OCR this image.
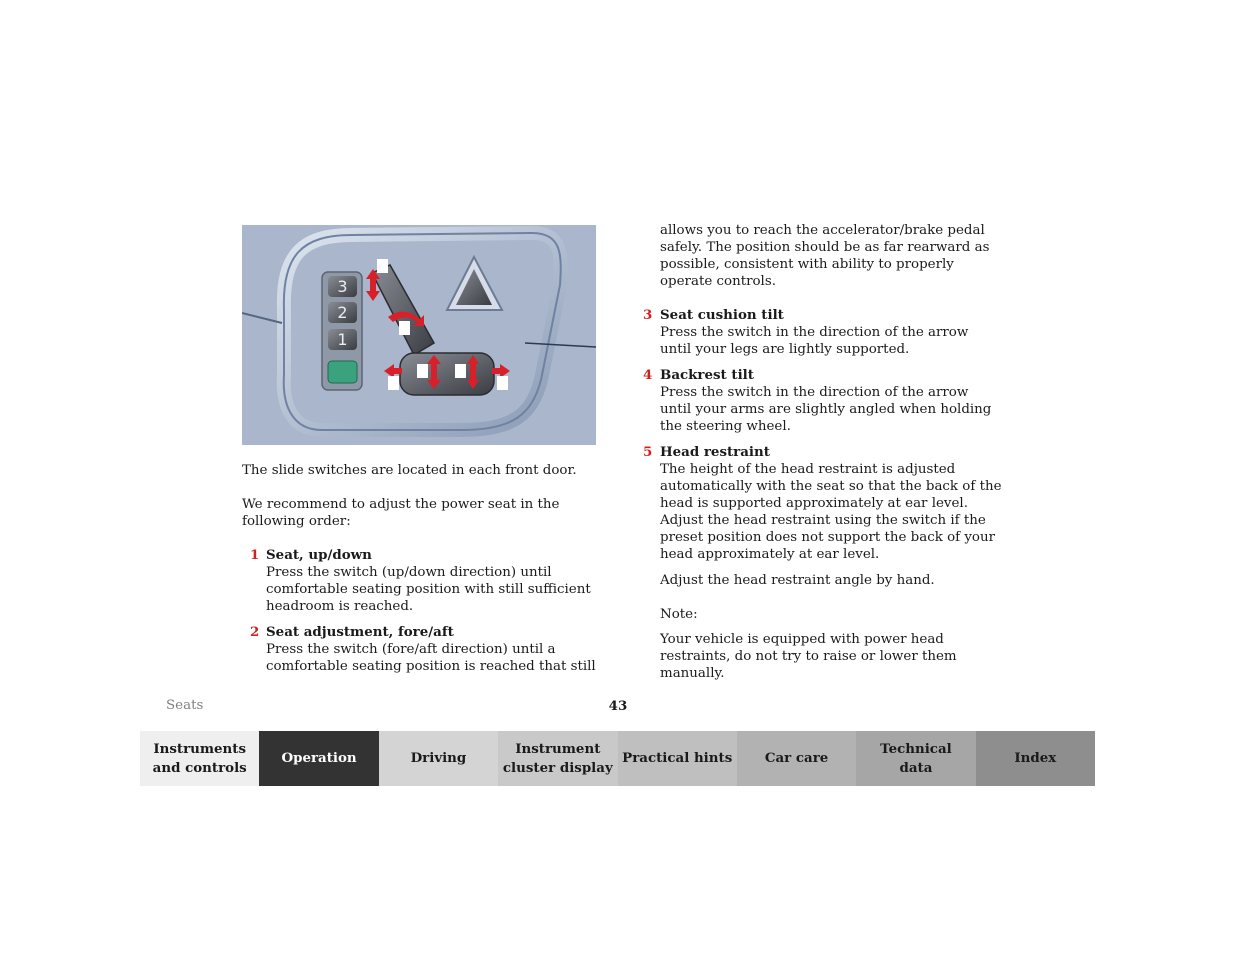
3
2
1

The slide switches are located in each front door.

We recommend to adjust the power seat in the following order:

1 Seat, up/down
Press the switch (up/down direction) until comfortable seating position with still sufficient headroom is reached.
2 Seat adjustment, fore/aft
Press the switch (fore/aft direction) until a comfortable seating position is reached that still

allows you to reach the accelerator/brake pedal safely. The position should be as far rearward as possible, consistent with ability to properly operate controls.

3 Seat cushion tilt
Press the switch in the direction of the arrow until your legs are lightly supported.
4 Backrest tilt
Press the switch in the direction of the arrow until your arms are slightly angled when holding the steering wheel.
5 Head restraint
The height of the head restraint is adjusted automatically with the seat so that the back of the head is supported approximately at ear level. Adjust the head restraint using the switch if the preset position does not support the back of your head approximately at ear level.

Adjust the head restraint angle by hand.

Note:

Your vehicle is equipped with power head restraints, do not try to raise or lower them manually.

Seats	43
Instruments
and controls
Operation	Driving
Instrument
cluster display
Practical hints	Car care
Technical
data
Index
